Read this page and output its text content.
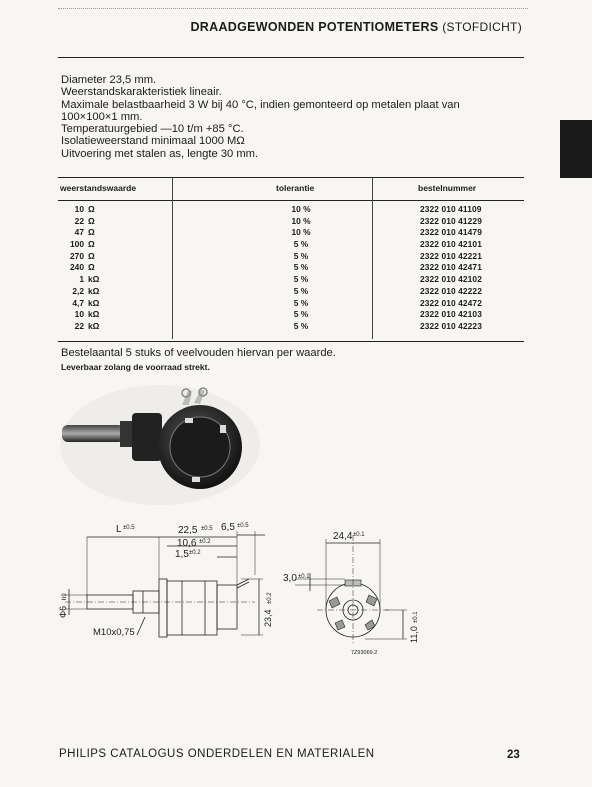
DRAADGEWONDEN POTENTIOMETERS (STOFDICHT)
Diameter 23,5 mm.
Weerstandskarakteristiek lineair.
Maximale belastbaarheid 3 W bij 40 °C, indien gemonteerd op metalen plaat van
100×100×1 mm.
Temperatuurgebied —10 t/m +85 °C.
Isolatieweerstand minimaal 1000 MΩ
Uitvoering met stalen as, lengte 30 mm.
weerstandswaarde	tolerantie	bestelnummer
10 Ω	10 %	2322 010 41109
22 Ω	10 %	2322 010 41229
47 Ω	10 %	2322 010 41479
100 Ω	5 %	2322 010 42101
270 Ω	5 %	2322 010 42221
240 Ω	5 %	2322 010 42471
1 kΩ	5 %	2322 010 42102
2,2 kΩ	5 %	2322 010 42222
4,7 kΩ	5 %	2322 010 42472
10 kΩ	5 %	2322 010 42103
22 kΩ	5 %	2322 010 42223
Bestelaantal 5 stuks of veelvouden hiervan per waarde.
Leverbaar zolang de voorraad strekt.
L ±0.5	22,5 ±0.5 6,5 ±0.5
10,6 ±0.2
1,5 ±0.2
Φ6
h9
M10x0,75
23,4
±0.2
24,4 ±0.1
3,0 ±0.1
11,0
±0.1
7Z93069.2
PHILIPS CATALOGUS ONDERDELEN EN MATERIALEN	23
